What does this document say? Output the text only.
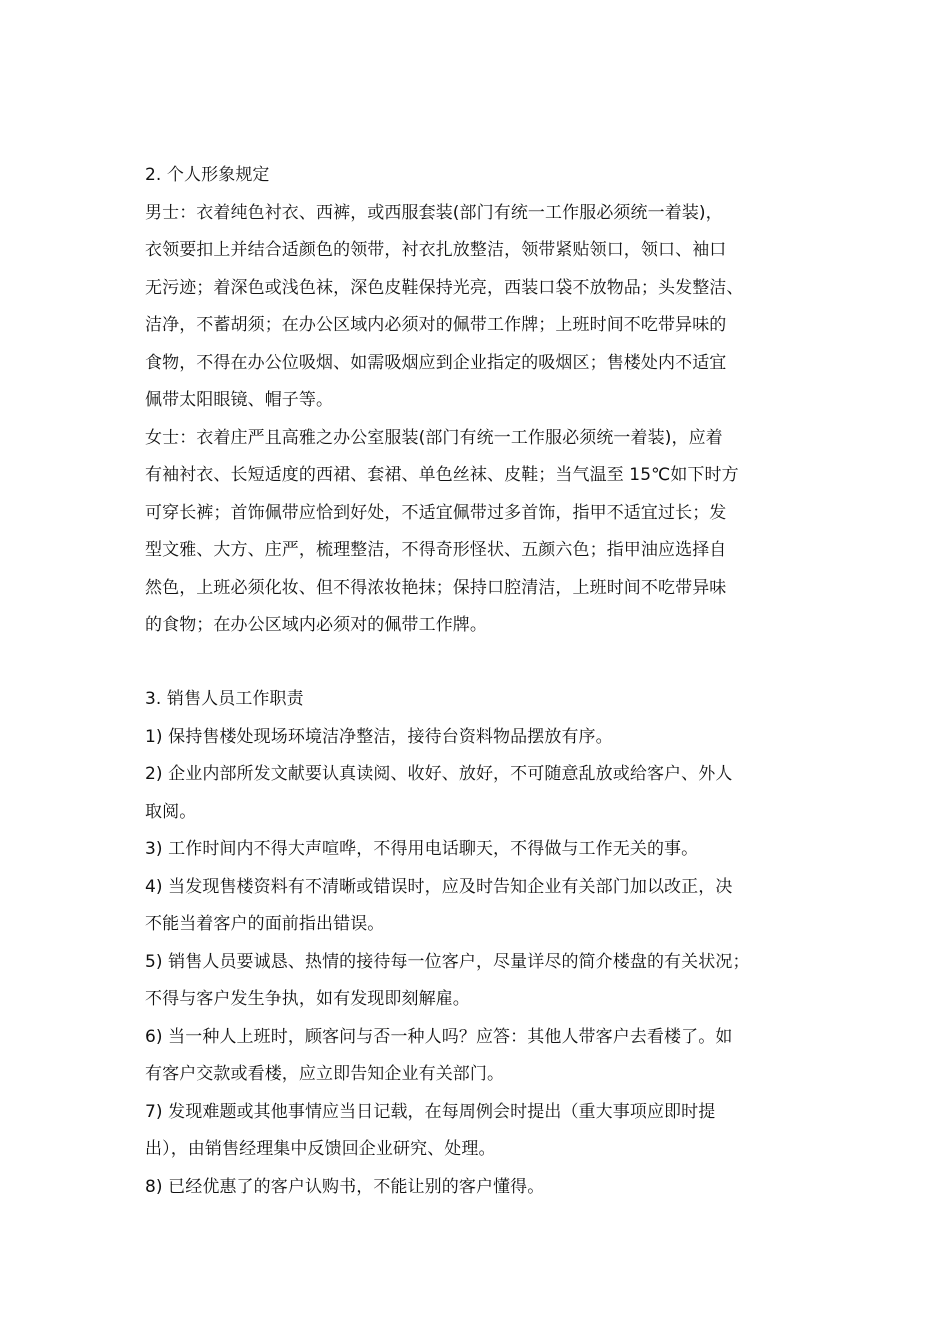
2. 个人形象规定
男士：衣着纯色衬衣、西裤，或西服套装(部门有统一工作服必须统一着装)，
衣领要扣上并结合适颜色的领带，衬衣扎放整洁，领带紧贴领口，领口、袖口
无污迹；着深色或浅色袜，深色皮鞋保持光亮，西装口袋不放物品；头发整洁、
洁净，不蓄胡须；在办公区域内必须对的佩带工作牌；上班时间不吃带异味的
食物，不得在办公位吸烟、如需吸烟应到企业指定的吸烟区；售楼处内不适宜
佩带太阳眼镜、帽子等。
女士：衣着庄严且高雅之办公室服装(部门有统一工作服必须统一着装)，应着
有袖衬衣、长短适度的西裙、套裙、单色丝袜、皮鞋；当气温至 15℃如下时方
可穿长裤；首饰佩带应恰到好处，不适宜佩带过多首饰，指甲不适宜过长；发
型文雅、大方、庄严，梳理整洁，不得奇形怪状、五颜六色；指甲油应选择自
然色，上班必须化妆、但不得浓妆艳抹；保持口腔清洁，上班时间不吃带异味
的食物；在办公区域内必须对的佩带工作牌。
3. 销售人员工作职责
1) 保持售楼处现场环境洁净整洁，接待台资料物品摆放有序。
2) 企业内部所发文献要认真读阅、收好、放好，不可随意乱放或给客户、外人
取阅。
3) 工作时间内不得大声喧哗，不得用电话聊天，不得做与工作无关的事。
4) 当发现售楼资料有不清晰或错误时，应及时告知企业有关部门加以改正，决
不能当着客户的面前指出错误。
5) 销售人员要诚恳、热情的接待每一位客户，尽量详尽的简介楼盘的有关状况；
不得与客户发生争执，如有发现即刻解雇。
6) 当一种人上班时，顾客问与否一种人吗？应答：其他人带客户去看楼了。如
有客户交款或看楼，应立即告知企业有关部门。
7) 发现难题或其他事情应当日记载，在每周例会时提出（重大事项应即时提
出），由销售经理集中反馈回企业研究、处理。
8) 已经优惠了的客户认购书，不能让别的客户懂得。
